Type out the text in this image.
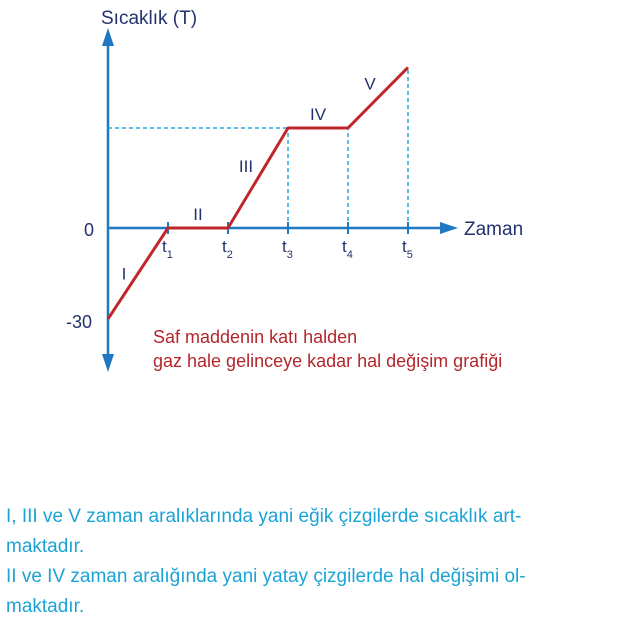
Sıcaklık (T)
Zaman
0
-30
$t_1$	$t_2$	$t_3$	$t_4$	$t_5$
I
II
III
IV
V
Saf maddenin katı halden
gaz hale gelinceye kadar hal değişim grafiği

I, III ve V zaman aralıklarında yani eğik çizgilerde sıcaklık art-

maktadır.

II ve IV zaman aralığında yani yatay çizgilerde hal değişimi ol-

maktadır.
